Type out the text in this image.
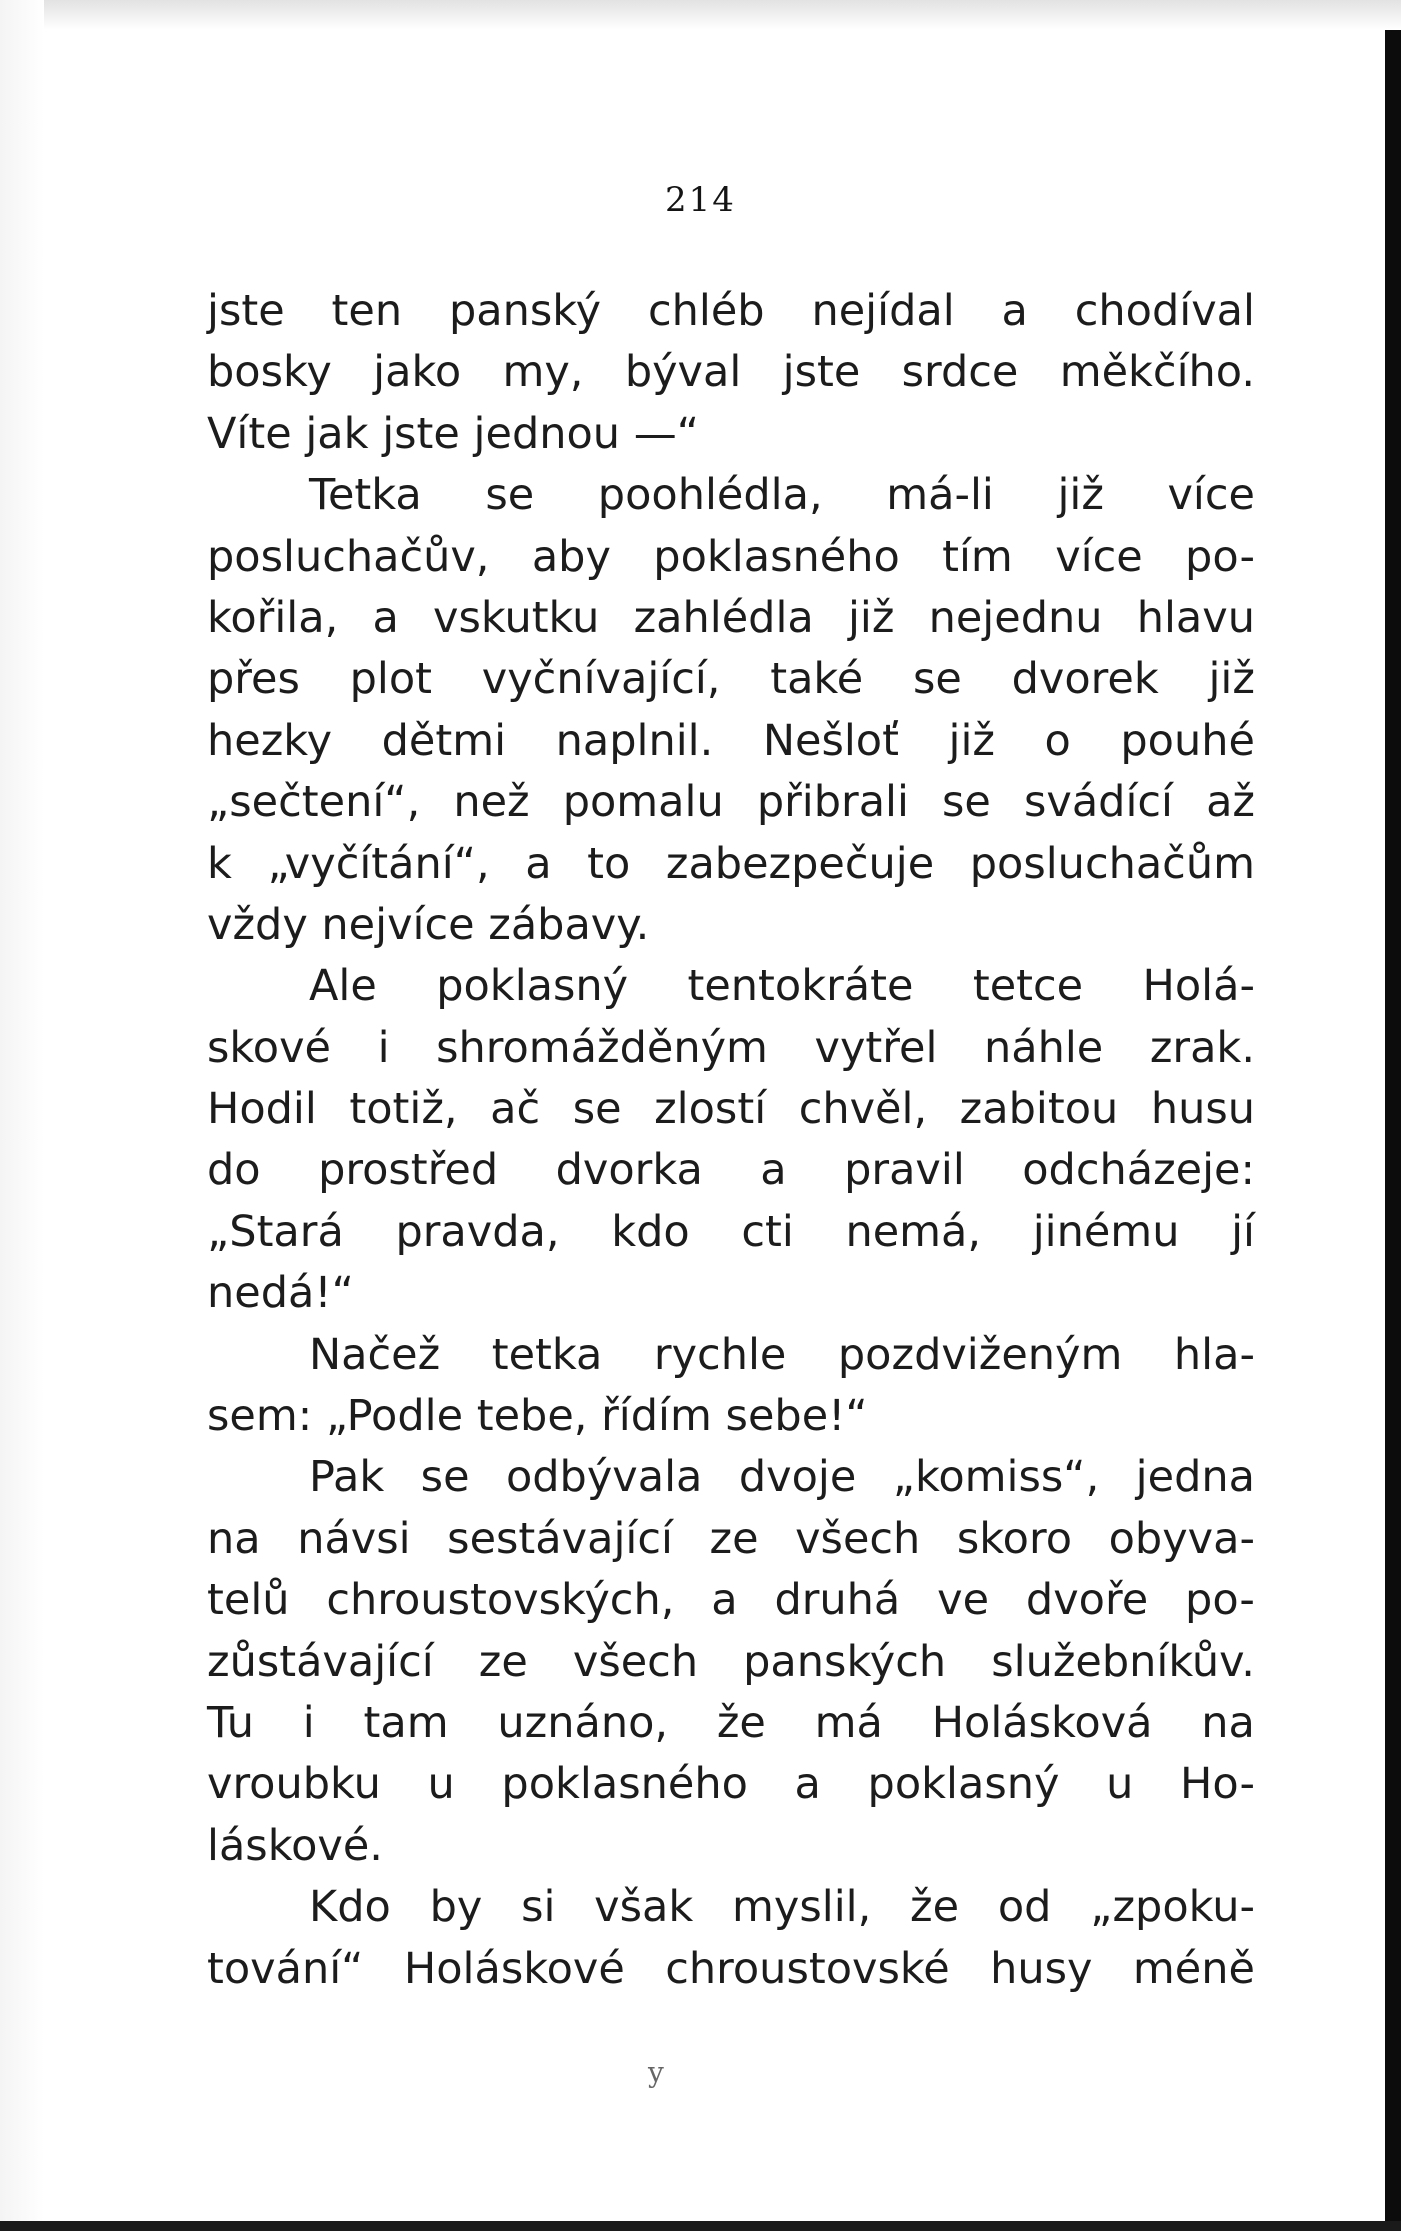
214
jste ten panský chléb nejídal a chodíval
bosky jako my, býval jste srdce měkčího.
Víte jak jste jednou —“
Tetka se poohlédla, má-li již více
posluchačův, aby poklasného tím více po-
kořila, a vskutku zahlédla již nejednu hlavu
přes plot vyčnívající, také se dvorek již
hezky dětmi naplnil. Nešloť již o pouhé
„sečtení“, než pomalu přibrali se svádící až
k „vyčítání“, a to zabezpečuje posluchačům
vždy nejvíce zábavy.
Ale poklasný tentokráte tetce Holá-
skové i shromážděným vytřel náhle zrak.
Hodil totiž, ač se zlostí chvěl, zabitou husu
do prostřed dvorka a pravil odcházeje:
„Stará pravda, kdo cti nemá, jinému jí
nedá!“
Načež tetka rychle pozdviženým hla-
sem: „Podle tebe, řídím sebe!“
Pak se odbývala dvoje „komiss“, jedna
na návsi sestávající ze všech skoro obyva-
telů chroustovských, a druhá ve dvoře po-
zůstávající ze všech panských služebníkův.
Tu i tam uznáno, že má Holásková na
vroubku u poklasného a poklasný u Ho-
láskové.
Kdo by si však myslil, že od „zpoku-
tování“ Holáskové chroustovské husy méně
y
